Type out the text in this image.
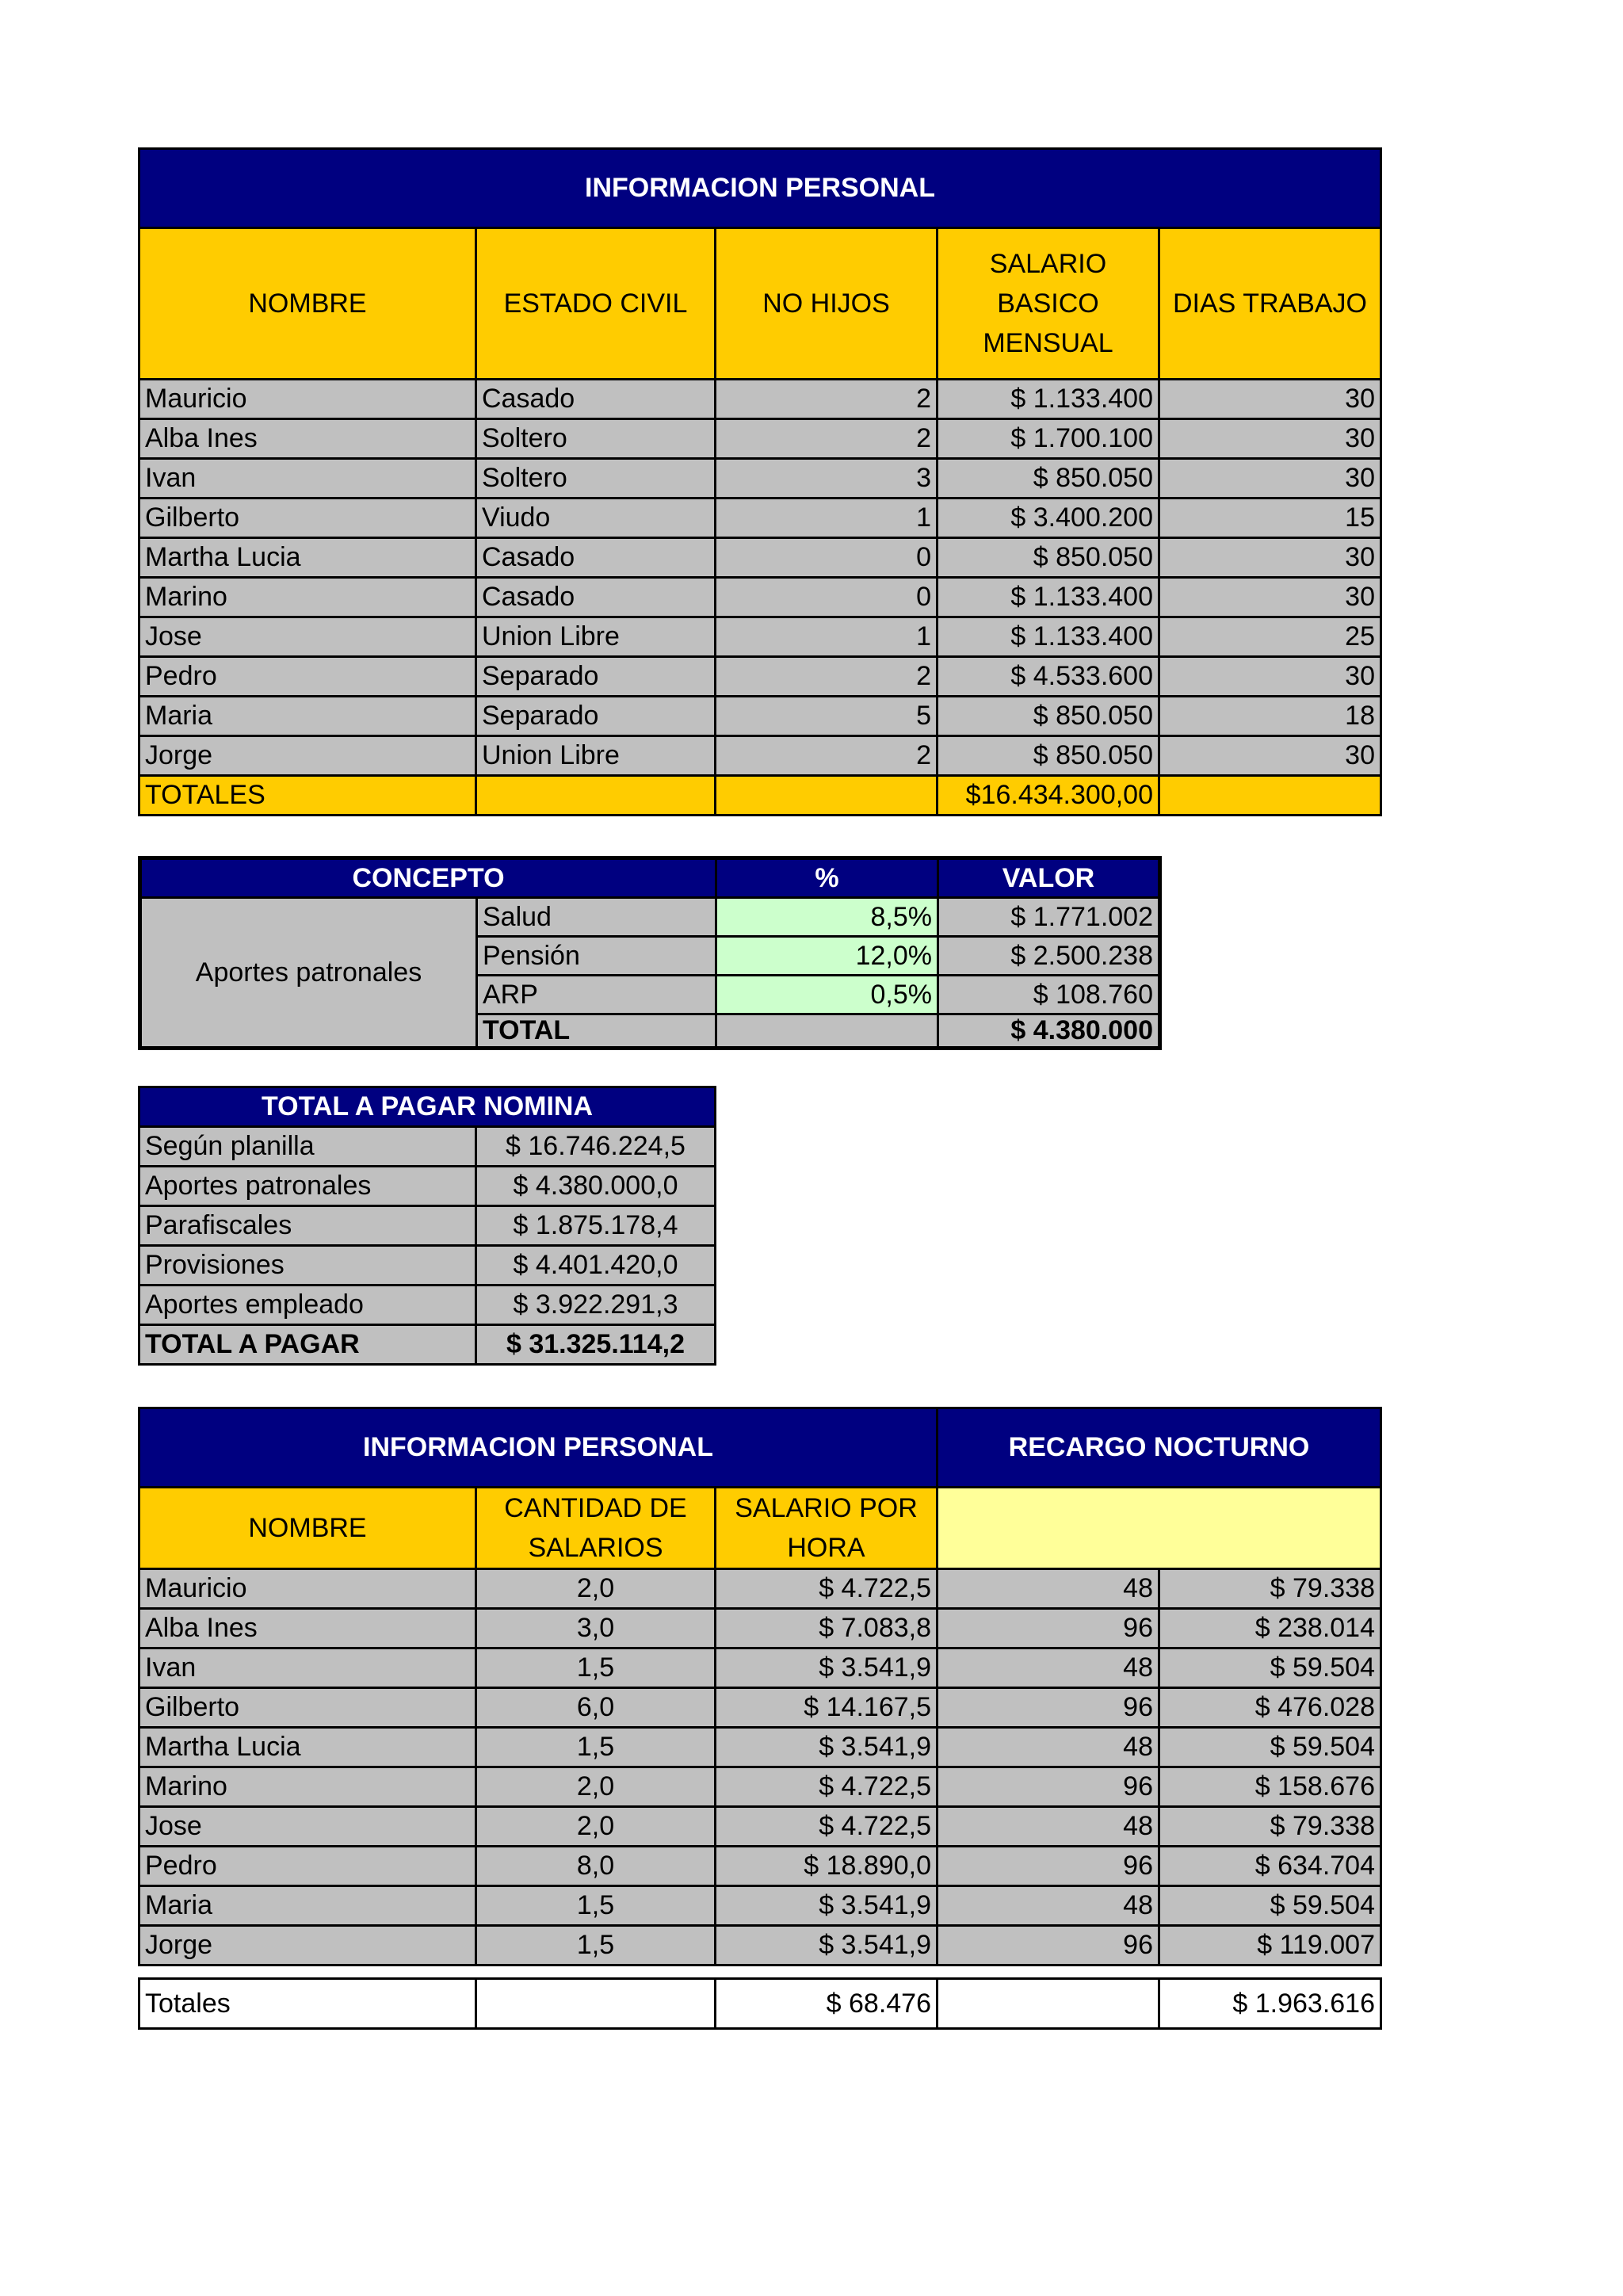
INFORMACION PERSONAL				
NOMBRE	ESTADO CIVIL	NO HIJOS	SALARIO BASICO MENSUAL	DIAS TRABAJO
Mauricio	Casado	2	$ 1.133.400	30
Alba Ines	Soltero	2	$ 1.700.100	30
Ivan	Soltero	3	$ 850.050	30
Gilberto	Viudo	1	$ 3.400.200	15
Martha Lucia	Casado	0	$ 850.050	30
Marino	Casado	0	$ 1.133.400	30
Jose	Union Libre	1	$ 1.133.400	25
Pedro	Separado	2	$ 4.533.600	30
Maria	Separado	5	$ 850.050	18
Jorge	Union Libre	2	$ 850.050	30
TOTALES			$16.434.300,00	
CONCEPTO		%	VALOR
Aportes patronales	Salud	8,5%	$ 1.771.002
	Pensión	12,0%	$ 2.500.238
	ARP	0,5%	$ 108.760
	TOTAL		$ 4.380.000
TOTAL A PAGAR NOMINA	
Según planilla	$ 16.746.224,5
Aportes patronales	$ 4.380.000,0
Parafiscales	$ 1.875.178,4
Provisiones	$ 4.401.420,0
Aportes empleado	$ 3.922.291,3
TOTAL A PAGAR	$ 31.325.114,2
INFORMACION PERSONAL			RECARGO NOCTURNO	
NOMBRE	CANTIDAD DE SALARIOS	SALARIO POR HORA		

Mauricio	2,0	$ 4.722,5	48	$ 79.338
Alba Ines	3,0	$ 7.083,8	96	$ 238.014
Ivan	1,5	$ 3.541,9	48	$ 59.504
Gilberto	6,0	$ 14.167,5	96	$ 476.028
Martha Lucia	1,5	$ 3.541,9	48	$ 59.504
Marino	2,0	$ 4.722,5	96	$ 158.676
Jose	2,0	$ 4.722,5	48	$ 79.338
Pedro	8,0	$ 18.890,0	96	$ 634.704
Maria	1,5	$ 3.541,9	48	$ 59.504
Jorge	1,5	$ 3.541,9	96	$ 119.007
Totales		$ 68.476		$ 1.963.616
